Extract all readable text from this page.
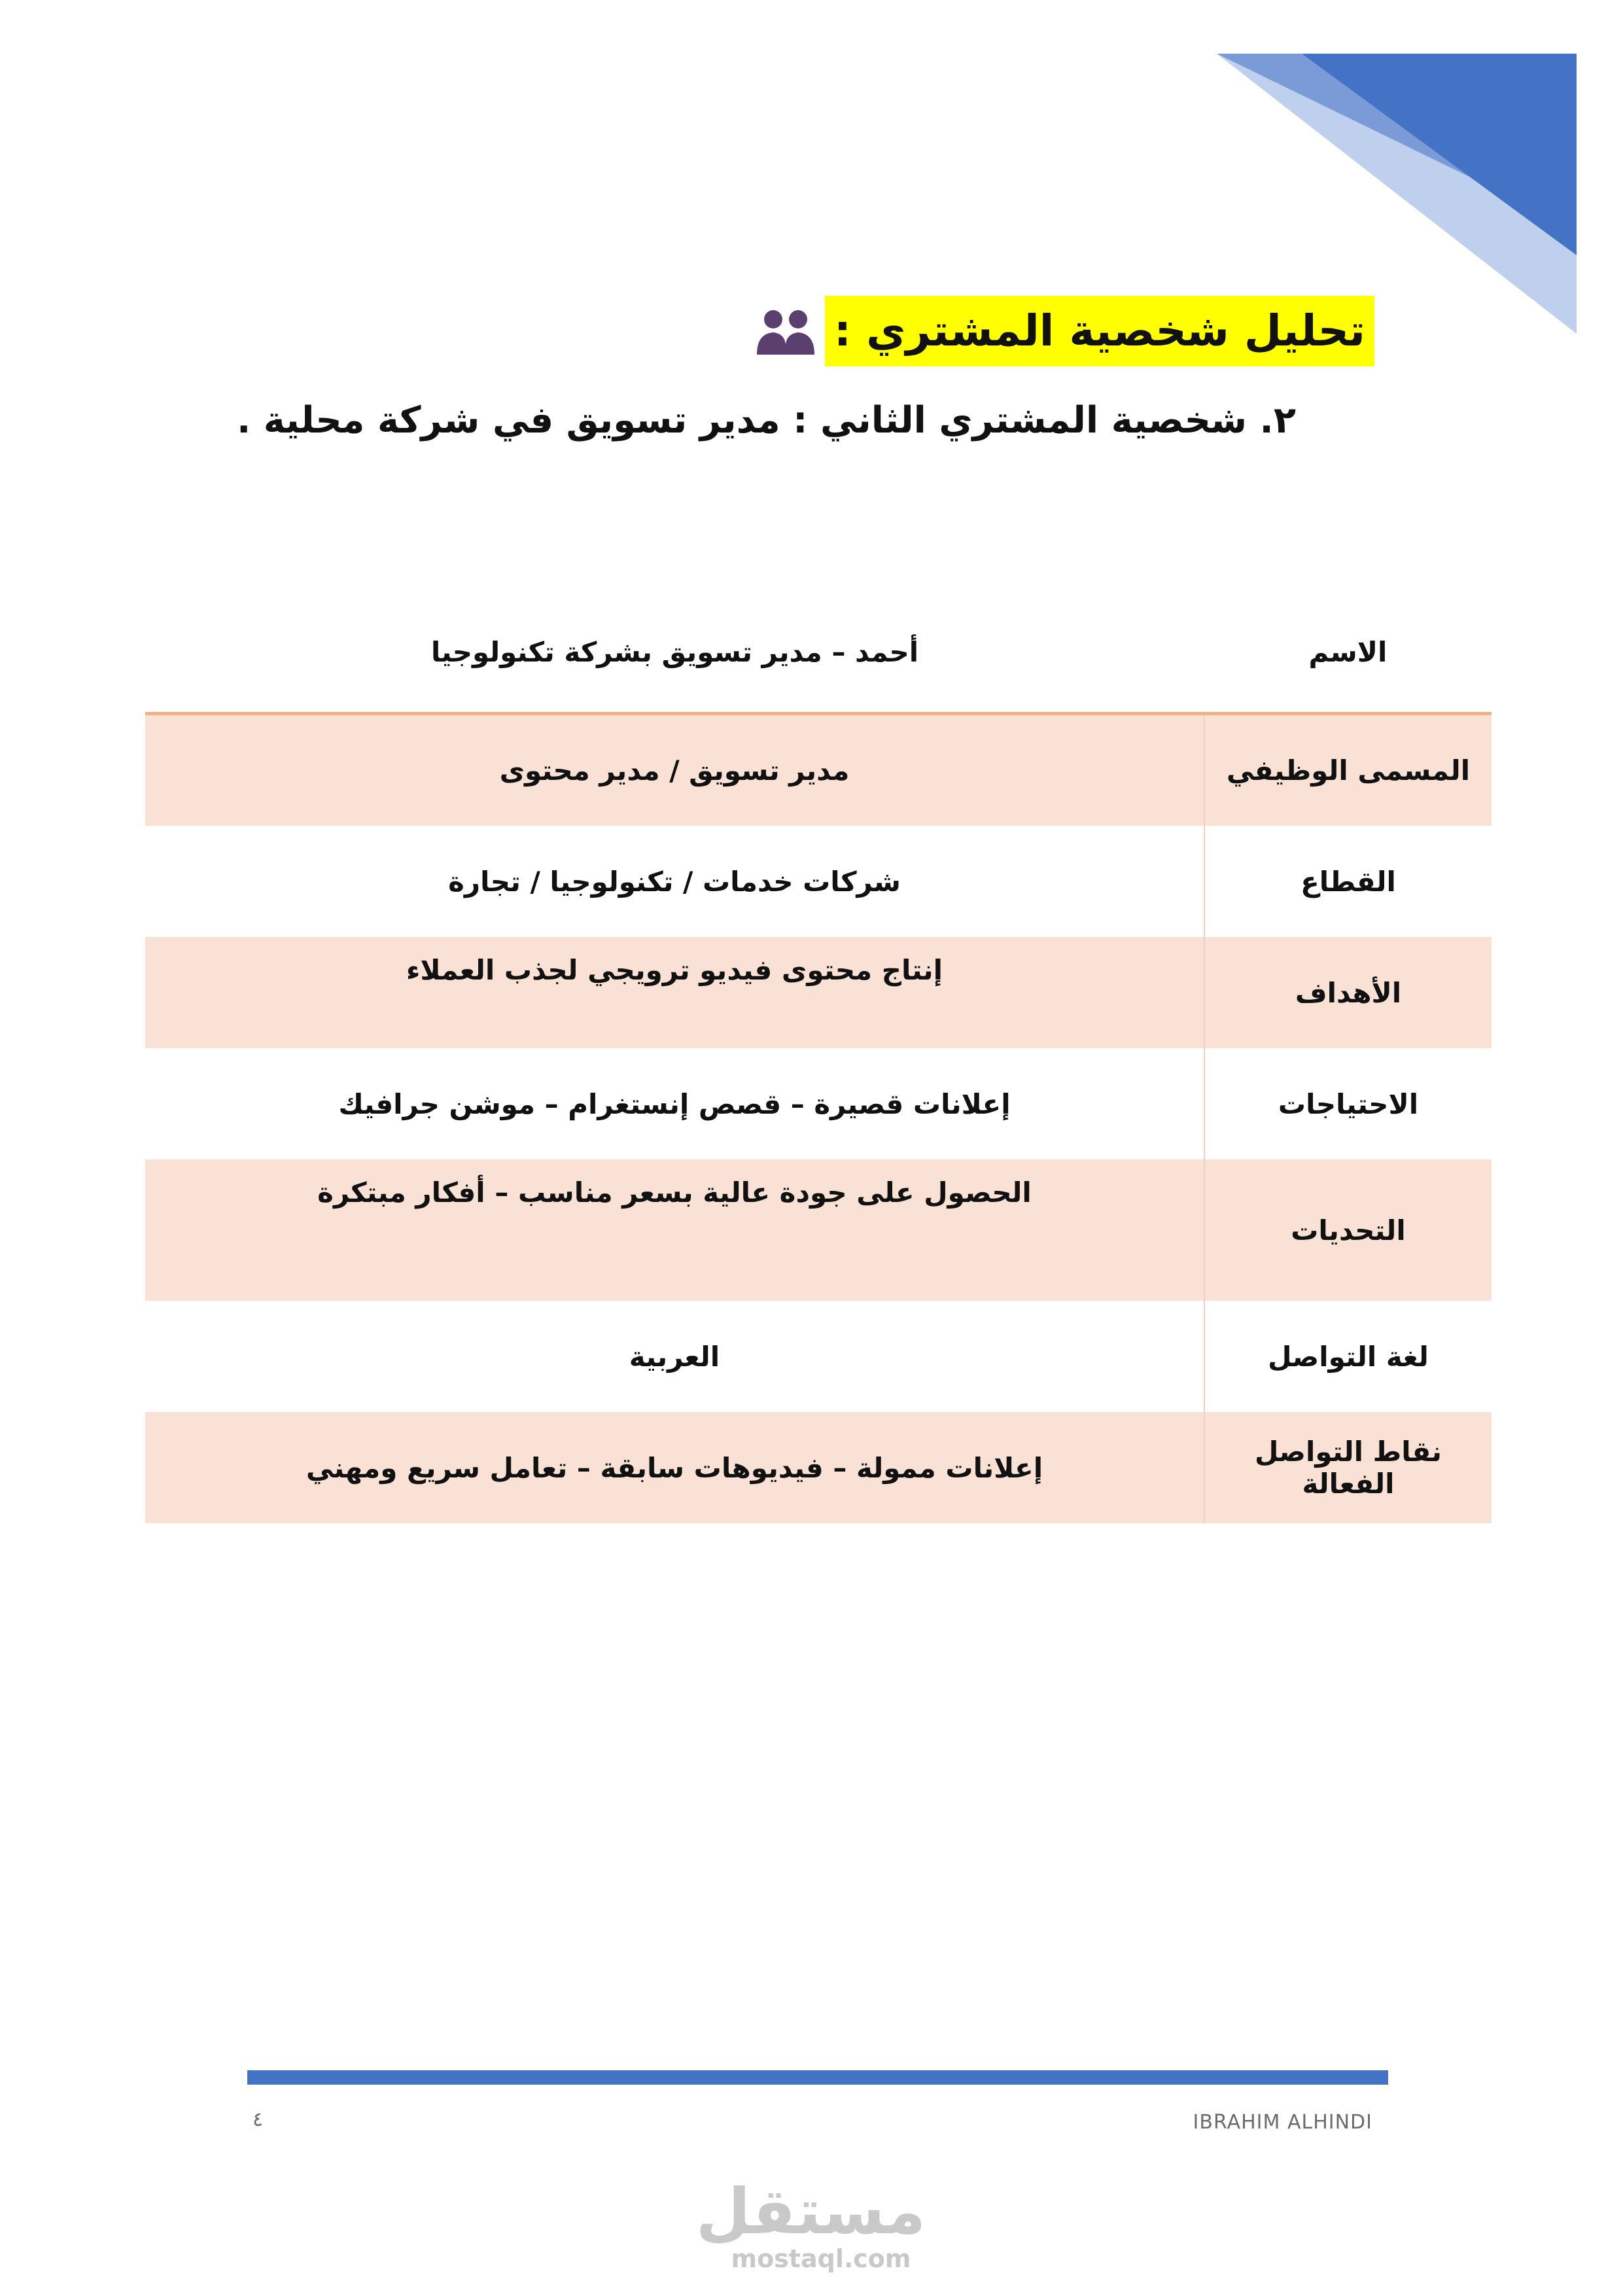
تحليل شخصية المشتري :
٢. شخصية المشتري الثاني : مدير تسويق في شركة محلية .
الاسم	أحمد – مدير تسويق بشركة تكنولوجيا
المسمى الوظيفي	مدير تسويق / مدير محتوى
القطاع	شركات خدمات / تكنولوجيا / تجارة
الأهداف	إنتاج محتوى فيديو ترويجي لجذب العملاء
الاحتياجات	إعلانات قصيرة – قصص إنستغرام – موشن جرافيك
التحديات	الحصول على جودة عالية بسعر مناسب – أفكار مبتكرة
لغة التواصل	العربية
نقاط التواصل الفعالة	إعلانات ممولة – فيديوهات سابقة – تعامل سريع ومهني
٤	IBRAHIM ALHINDI
مستقل
mostaql.com
